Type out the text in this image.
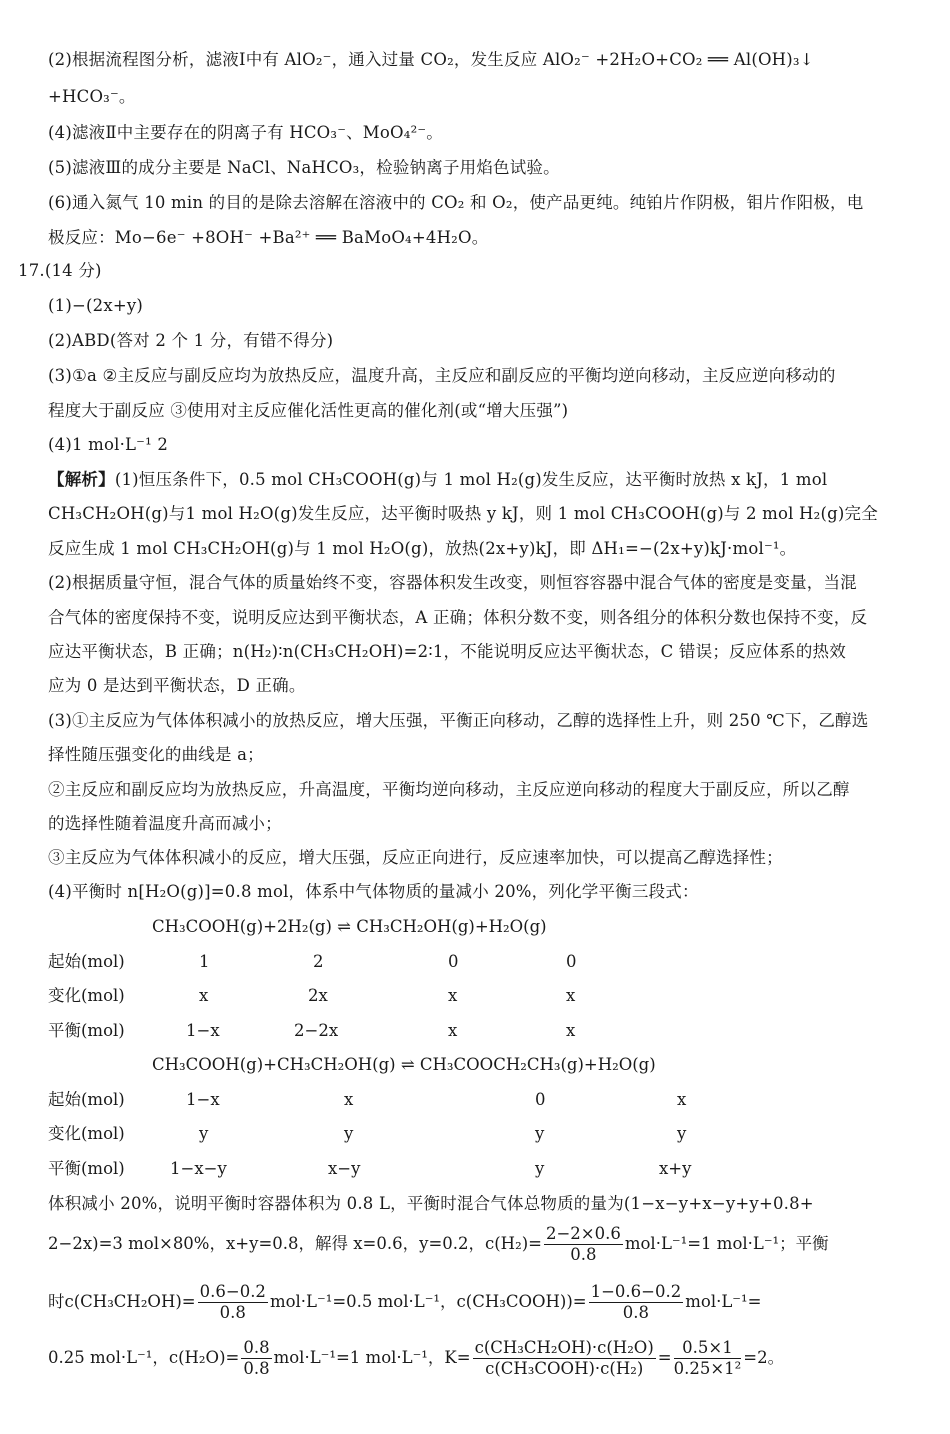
(2)根据流程图分析，滤液Ⅰ中有 AlO₂⁻，通入过量 CO₂，发生反应 AlO₂⁻ +2H₂O+CO₂ ══ Al(OH)₃↓
+HCO₃⁻。
(4)滤液Ⅱ中主要存在的阴离子有 HCO₃⁻、MoO₄²⁻。
(5)滤液Ⅲ的成分主要是 NaCl、NaHCO₃，检验钠离子用焰色试验。
(6)通入氮气 10 min 的目的是除去溶解在溶液中的 CO₂ 和 O₂，使产品更纯。纯铂片作阴极，钼片作阳极，电
极反应：Mo−6e⁻ +8OH⁻ +Ba²⁺ ══ BaMoO₄+4H₂O。
17.(14 分)
(1)−(2x+y)
(2)ABD(答对 2 个 1 分，有错不得分)
(3)①a ②主反应与副反应均为放热反应，温度升高，主反应和副反应的平衡均逆向移动，主反应逆向移动的
程度大于副反应 ③使用对主反应催化活性更高的催化剂(或“增大压强”)
(4)1 mol·L⁻¹ 2
【解析】(1)恒压条件下，0.5 mol CH₃COOH(g)与 1 mol H₂(g)发生反应，达平衡时放热 x kJ，1 mol
CH₃CH₂OH(g)与1 mol H₂O(g)发生反应，达平衡时吸热 y kJ，则 1 mol CH₃COOH(g)与 2 mol H₂(g)完全
反应生成 1 mol CH₃CH₂OH(g)与 1 mol H₂O(g)，放热(2x+y)kJ，即 ΔH₁=−(2x+y)kJ·mol⁻¹。
(2)根据质量守恒，混合气体的质量始终不变，容器体积发生改变，则恒容容器中混合气体的密度是变量，当混
合气体的密度保持不变，说明反应达到平衡状态，A 正确；体积分数不变，则各组分的体积分数也保持不变，反
应达平衡状态，B 正确；n(H₂)∶n(CH₃CH₂OH)=2∶1，不能说明反应达平衡状态，C 错误；反应体系的热效
应为 0 是达到平衡状态，D 正确。
(3)①主反应为气体体积减小的放热反应，增大压强，平衡正向移动，乙醇的选择性上升，则 250 ℃下，乙醇选
择性随压强变化的曲线是 a；
②主反应和副反应均为放热反应，升高温度，平衡均逆向移动，主反应逆向移动的程度大于副反应，所以乙醇
的选择性随着温度升高而减小；
③主反应为气体体积减小的反应，增大压强，反应正向进行，反应速率加快，可以提高乙醇选择性；
(4)平衡时 n[H₂O(g)]=0.8 mol，体系中气体物质的量减小 20%，列化学平衡三段式：
CH₃COOH(g)+2H₂(g) ⇌ CH₃CH₂OH(g)+H₂O(g)
起始(mol)	1	2	0	0
变化(mol)	x	2x	x	x
平衡(mol)	1−x	2−2x	x	x
CH₃COOH(g)+CH₃CH₂OH(g) ⇌ CH₃COOCH₂CH₃(g)+H₂O(g)
起始(mol)	1−x	x	0	x
变化(mol)	y	y	y	y
平衡(mol)	1−x−y	x−y	y	x+y
体积减小 20%，说明平衡时容器体积为 0.8 L，平衡时混合气体总物质的量为(1−x−y+x−y+y+0.8+
2−2x)=3 mol×80%，x+y=0.8，解得 x=0.6，y=0.2，$c(H_2)= \frac{2-2\times 0.6}{0.8} mol\cdot L^{-1}=1$ mol·L⁻¹；平衡
时$c(CH_3CH_2OH)= \frac{0.6-0.2}{0.8} mol\cdot L^{-1}=0.5$ mol·L⁻¹，c(CH₃COOH))= $\frac{1-0.6-0.2}{0.8} mol\cdot L^{-1}=$
0.25 mol·L⁻¹，$c(H_2O)= \frac{0.8}{0.8} mol\cdot L^{-1}=1$ mol·L⁻¹，$K= \frac{\text{c(CH₃CH₂OH)·c(H₂O)}}{\text{c(CH₃COOH)·c(H₂)}} = \frac{0.5\times 1}{\text{0.25×1²}} =2$。
